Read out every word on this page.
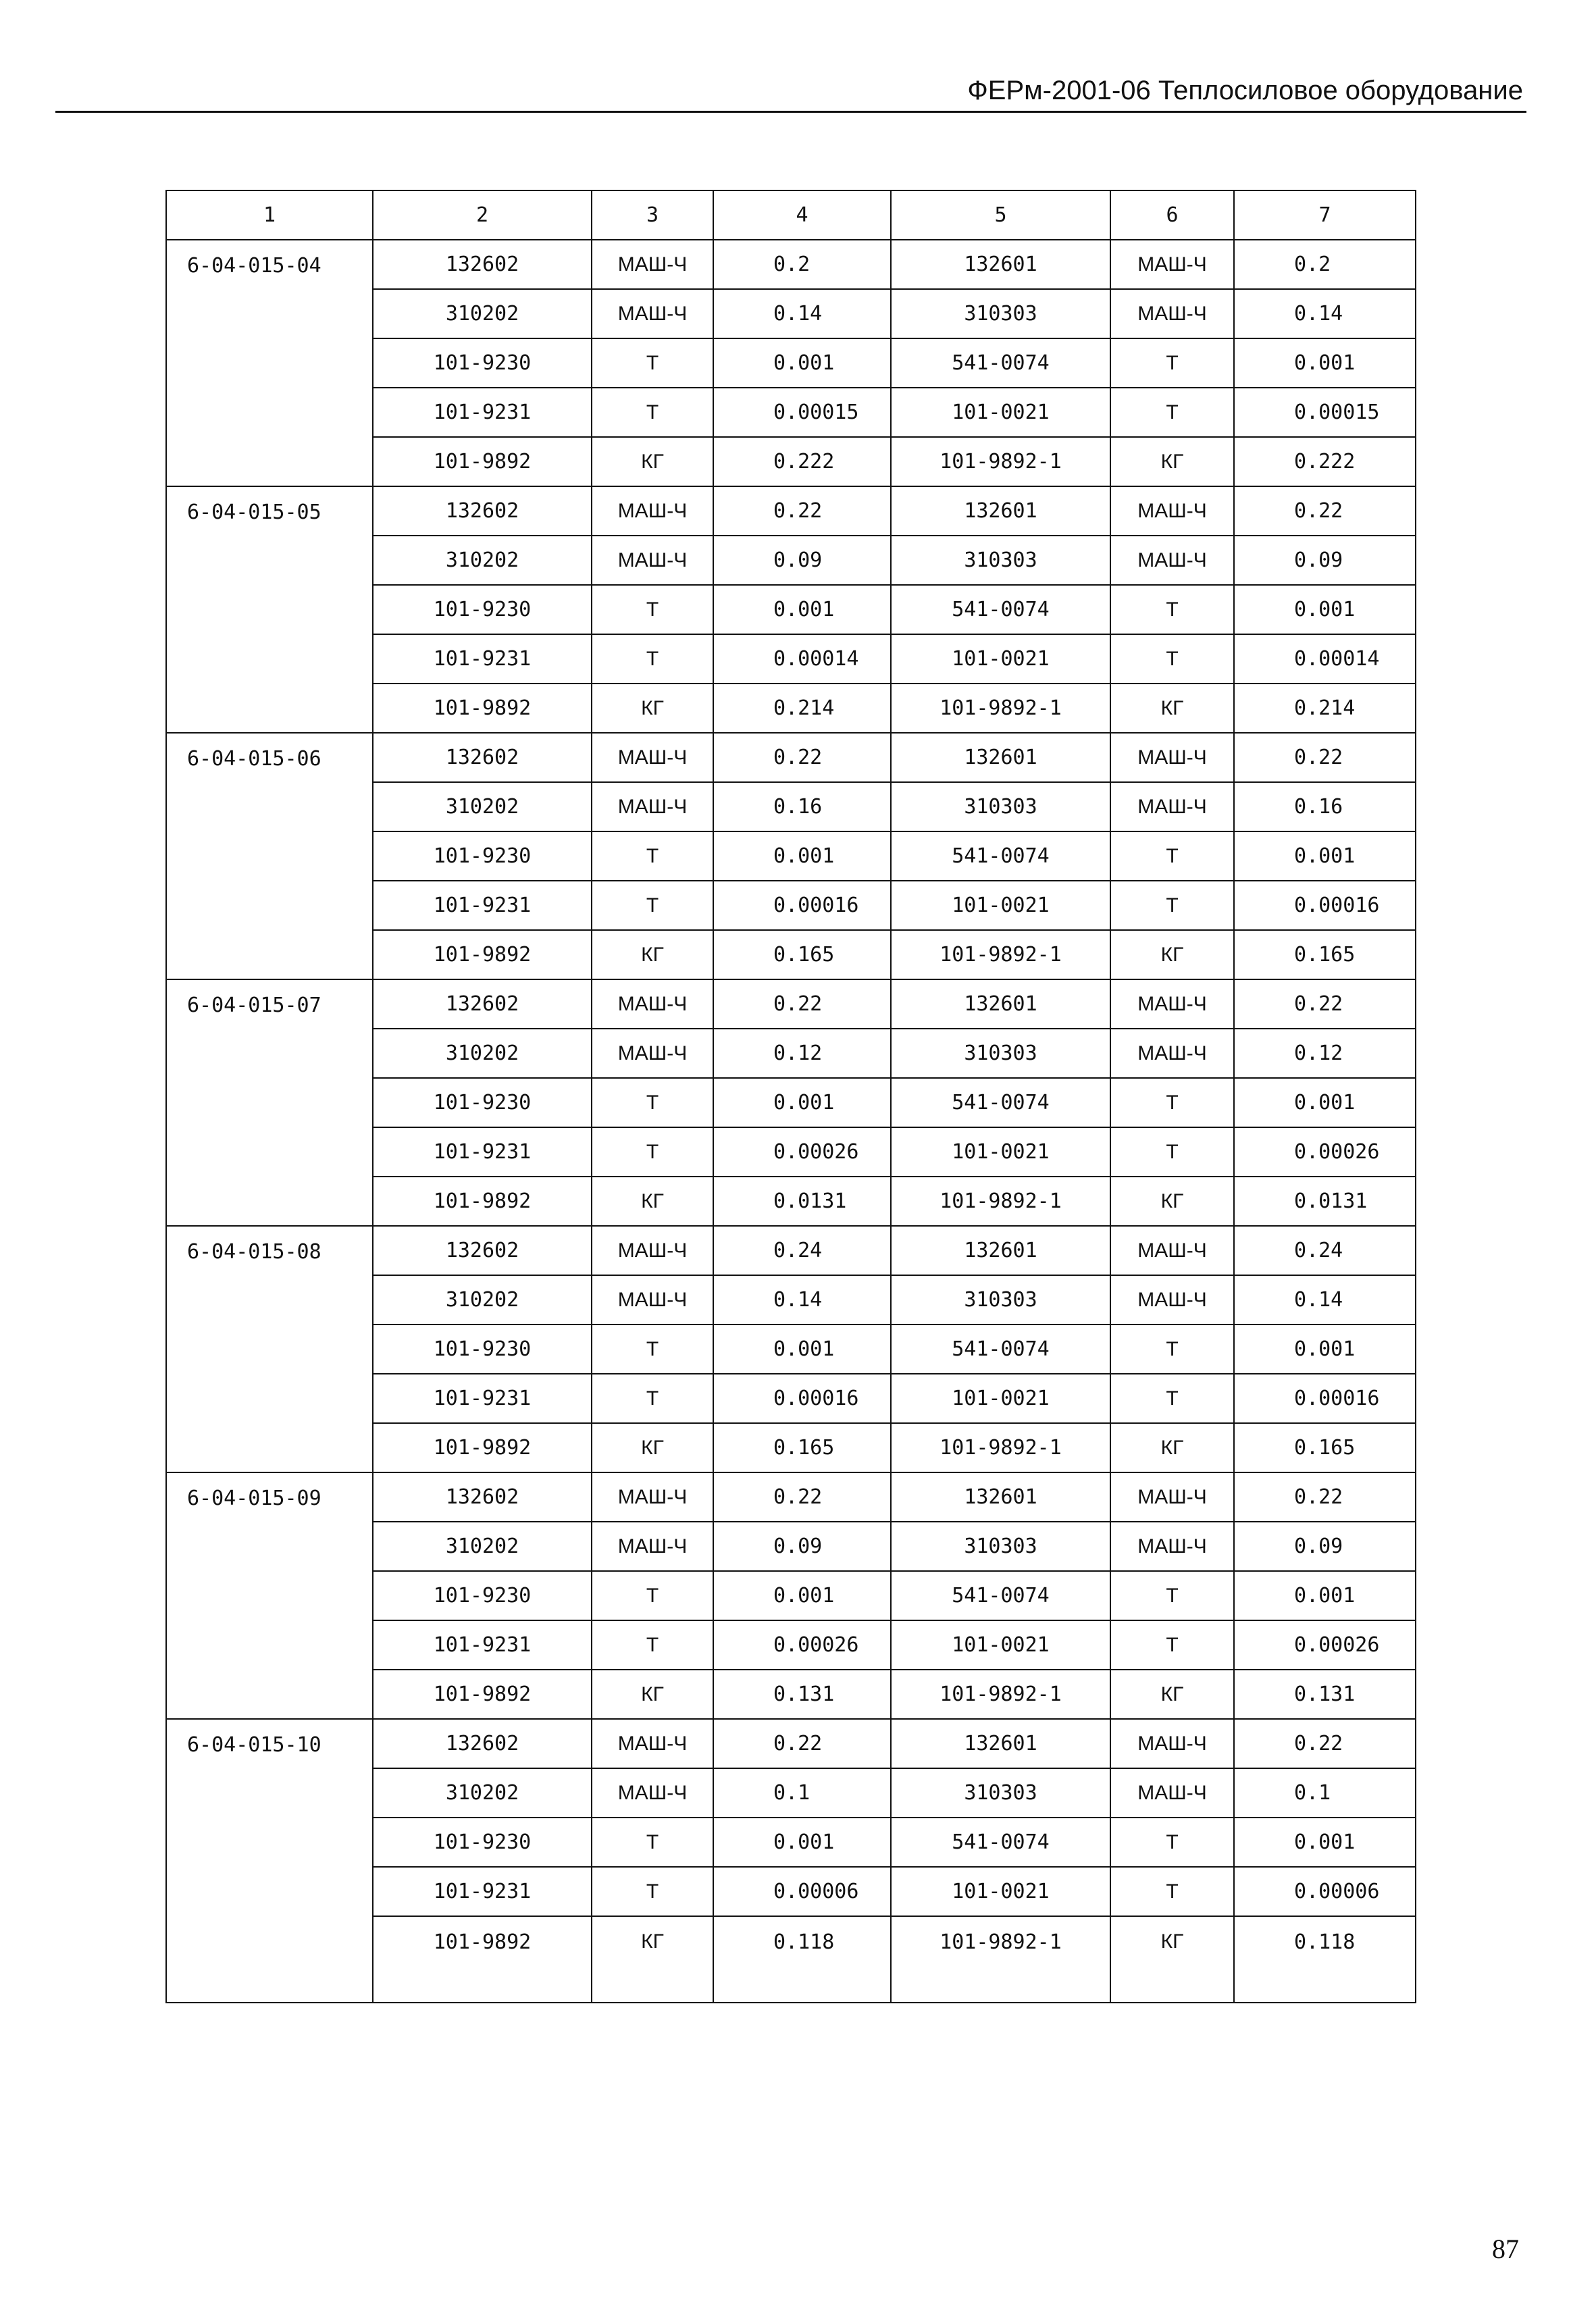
ФЕРм-2001-06 Теплосиловое оборудование
1	2	3	4	5	6	7
6-04-015-04	132602	МАШ-Ч	0.2	132601	МАШ-Ч	0.2
	310202	МАШ-Ч	0.14	310303	МАШ-Ч	0.14
	101-9230	Т	0.001	541-0074	Т	0.001
	101-9231	Т	0.00015	101-0021	Т	0.00015
	101-9892	КГ	0.222	101-9892-1	КГ	0.222
6-04-015-05	132602	МАШ-Ч	0.22	132601	МАШ-Ч	0.22
	310202	МАШ-Ч	0.09	310303	МАШ-Ч	0.09
	101-9230	Т	0.001	541-0074	Т	0.001
	101-9231	Т	0.00014	101-0021	Т	0.00014
	101-9892	КГ	0.214	101-9892-1	КГ	0.214
6-04-015-06	132602	МАШ-Ч	0.22	132601	МАШ-Ч	0.22
	310202	МАШ-Ч	0.16	310303	МАШ-Ч	0.16
	101-9230	Т	0.001	541-0074	Т	0.001
	101-9231	Т	0.00016	101-0021	Т	0.00016
	101-9892	КГ	0.165	101-9892-1	КГ	0.165
6-04-015-07	132602	МАШ-Ч	0.22	132601	МАШ-Ч	0.22
	310202	МАШ-Ч	0.12	310303	МАШ-Ч	0.12
	101-9230	Т	0.001	541-0074	Т	0.001
	101-9231	Т	0.00026	101-0021	Т	0.00026
	101-9892	КГ	0.0131	101-9892-1	КГ	0.0131
6-04-015-08	132602	МАШ-Ч	0.24	132601	МАШ-Ч	0.24
	310202	МАШ-Ч	0.14	310303	МАШ-Ч	0.14
	101-9230	Т	0.001	541-0074	Т	0.001
	101-9231	Т	0.00016	101-0021	Т	0.00016
	101-9892	КГ	0.165	101-9892-1	КГ	0.165
6-04-015-09	132602	МАШ-Ч	0.22	132601	МАШ-Ч	0.22
	310202	МАШ-Ч	0.09	310303	МАШ-Ч	0.09
	101-9230	Т	0.001	541-0074	Т	0.001
	101-9231	Т	0.00026	101-0021	Т	0.00026
	101-9892	КГ	0.131	101-9892-1	КГ	0.131
6-04-015-10	132602	МАШ-Ч	0.22	132601	МАШ-Ч	0.22
	310202	МАШ-Ч	0.1	310303	МАШ-Ч	0.1
	101-9230	Т	0.001	541-0074	Т	0.001
	101-9231	Т	0.00006	101-0021	Т	0.00006
	101-9892	КГ	0.118	101-9892-1	КГ	0.118
87
